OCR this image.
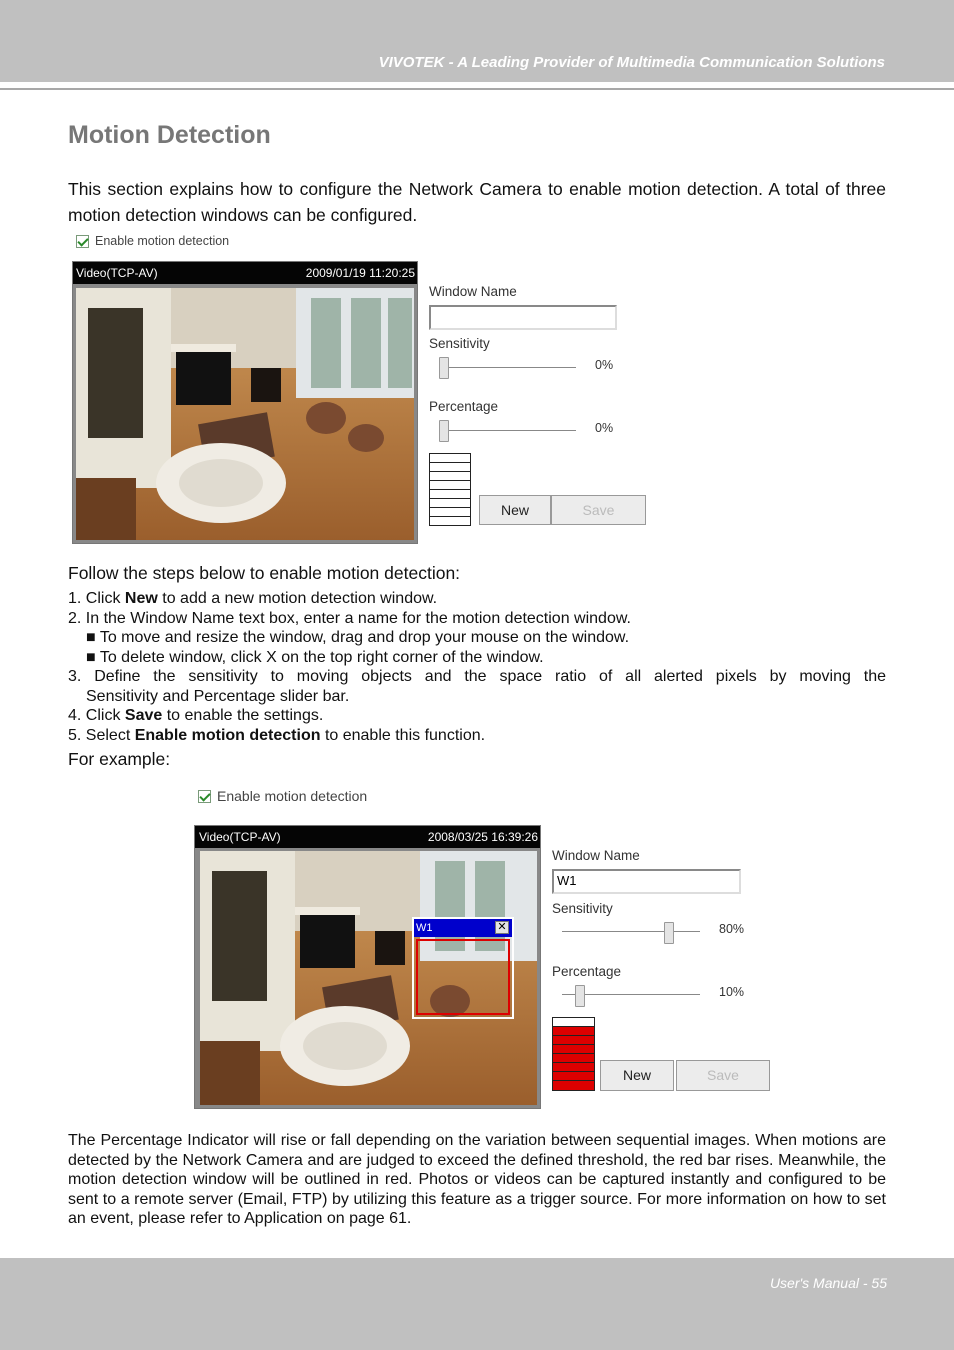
VIVOTEK - A Leading Provider of Multimedia Communication Solutions
Motion Detection

This section explains how to configure the Network Camera to enable motion detection. A total of three motion detection windows can be configured.

Enable motion detection
Video(TCP-AV)	2009/01/19 11:20:25
Window Name
Sensitivity
0%
Percentage
0%
New	Save
Follow the steps below to enable motion detection:
1. Click New to add a new motion detection window.
2. In the Window Name text box, enter a name for the motion detection window.
■ To move and resize the window, drag and drop your mouse on the window.
■ To delete window, click X on the top right corner of the window.
3. Define the sensitivity to moving objects and the space ratio of all alerted pixels by moving the
Sensitivity and Percentage slider bar.
4. Click Save to enable the settings.
5. Select Enable motion detection to enable this function.
For example:
Enable motion detection
Video(TCP-AV)	2008/03/25 16:39:26
W1	✕
Window Name
W1
Sensitivity
80%
Percentage
10%
New	Save

The Percentage Indicator will rise or fall depending on the variation between sequential images. When motions are detected by the Network Camera and are judged to exceed the defined threshold, the red bar rises. Meanwhile, the motion detection window will be outlined in red. Photos or videos can be captured instantly and configured to be sent to a remote server (Email, FTP) by utilizing this feature as a trigger source. For more information on how to set an event, please refer to Application on page 61.

User's Manual - 55
